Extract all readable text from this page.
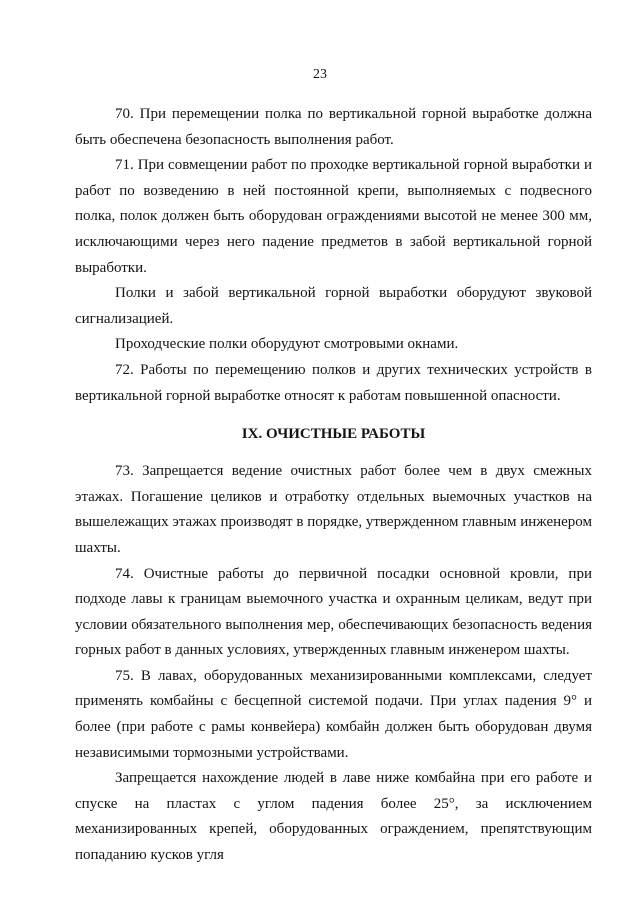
23

70. При перемещении полка по вертикальной горной выработке должна быть обеспечена безопасность выполнения работ.

71. При совмещении работ по проходке вертикальной горной выработки и работ по возведению в ней постоянной крепи, выполняемых с подвесного полка, полок должен быть оборудован ограждениями высотой не менее 300 мм, исключающими через него падение предметов в забой вертикальной горной выработки.

Полки и забой вертикальной горной выработки оборудуют звуковой сигнализацией.

Проходческие полки оборудуют смотровыми окнами.

72. Работы по перемещению полков и других технических устройств в вертикальной горной выработке относят к работам повышенной опасности.

IX. ОЧИСТНЫЕ РАБОТЫ

73. Запрещается ведение очистных работ более чем в двух смежных этажах. Погашение целиков и отработку отдельных выемочных участков на вышележащих этажах производят в порядке, утвержденном главным инженером шахты.

74. Очистные работы до первичной посадки основной кровли, при подходе лавы к границам выемочного участка и охранным целикам, ведут при условии обязательного выполнения мер, обеспечивающих безопасность ведения горных работ в данных условиях, утвержденных главным инженером шахты.

75. В лавах, оборудованных механизированными комплексами, следует применять комбайны с бесцепной системой подачи. При углах падения 9° и более (при работе с рамы конвейера) комбайн должен быть оборудован двумя независимыми тормозными устройствами.

Запрещается нахождение людей в лаве ниже комбайна при его работе и спуске на пластах с углом падения более 25°, за исключением механизированных крепей, оборудованных ограждением, препятствующим попаданию кусков угля
